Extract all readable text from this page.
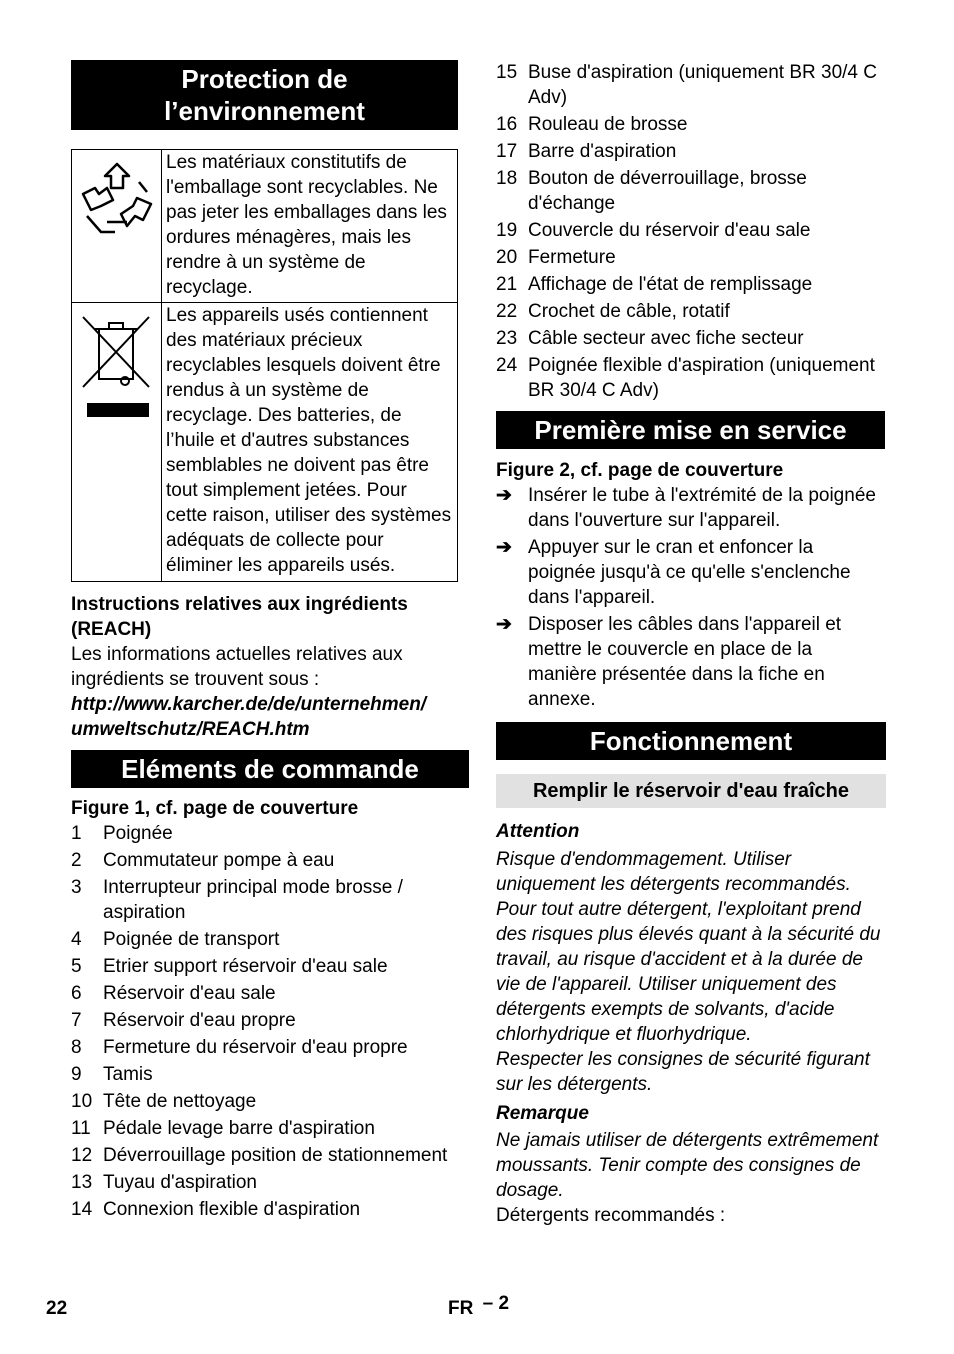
Protection de
l’environnement
	Les matériaux constitutifs de l'emballage sont recyclables. Ne pas jeter les emballages dans les ordures ménagères, mais les rendre à un système de recyclage.
	Les appareils usés contiennent des matériaux précieux recyclables lesquels doivent être rendus à un système de recyclage. Des batteries, de l’huile et d'autres substances semblables ne doivent pas être tout simplement jetées. Pour cette raison, utiliser des systèmes adéquats de collecte pour éliminer les appareils usés.

Instructions relatives aux ingrédients (REACH)

Les informations actuelles relatives aux ingrédients se trouvent sous :

http://www.karcher.de/de/unternehmen/

umweltschutz/REACH.htm

Eléments de commande

Figure 1, cf. page de couverture

1 Poignée
2 Commutateur pompe à eau
3 Interrupteur principal mode brosse / aspiration
4 Poignée de transport
5 Etrier support réservoir d'eau sale
6 Réservoir d'eau sale
7 Réservoir d'eau propre
8 Fermeture du réservoir d'eau propre
9 Tamis
10 Tête de nettoyage
11 Pédale levage barre d'aspiration
12 Déverrouillage position de stationnement
13 Tuyau d'aspiration
14 Connexion flexible d'aspiration
15 Buse d'aspiration (uniquement BR 30/4 C Adv)
16 Rouleau de brosse
17 Barre d'aspiration
18 Bouton de déverrouillage, brosse d'échange
19 Couvercle du réservoir d'eau sale
20 Fermeture
21 Affichage de l'état de remplissage
22 Crochet de câble, rotatif
23 Câble secteur avec fiche secteur
24 Poignée flexible d'aspiration (uniquement BR 30/4 C Adv)
Première mise en service

Figure 2, cf. page de couverture

➔ Insérer le tube à l'extrémité de la poignée dans l'ouverture sur l'appareil.
➔ Appuyer sur le cran et enfoncer la poignée jusqu'à ce qu'elle s'enclenche dans l'appareil.
➔ Disposer les câbles dans l'appareil et mettre le couvercle en place de la manière présentée dans la fiche en annexe.
Fonctionnement
Remplir le réservoir d'eau fraîche

Attention

Risque d'endommagement. Utiliser uniquement les détergents recommandés. Pour tout autre détergent, l'exploitant prend des risques plus élevés quant à la sécurité du travail, au risque d'accident et à la durée de vie de l'appareil. Utiliser uniquement des détergents exempts de solvants, d'acide chlorhydrique et fluorhydrique.

Respecter les consignes de sécurité figurant sur les détergents.

Remarque

Ne jamais utiliser de détergents extrêmement moussants. Tenir compte des consignes de dosage.

Détergents recommandés :

22	FR – 2
